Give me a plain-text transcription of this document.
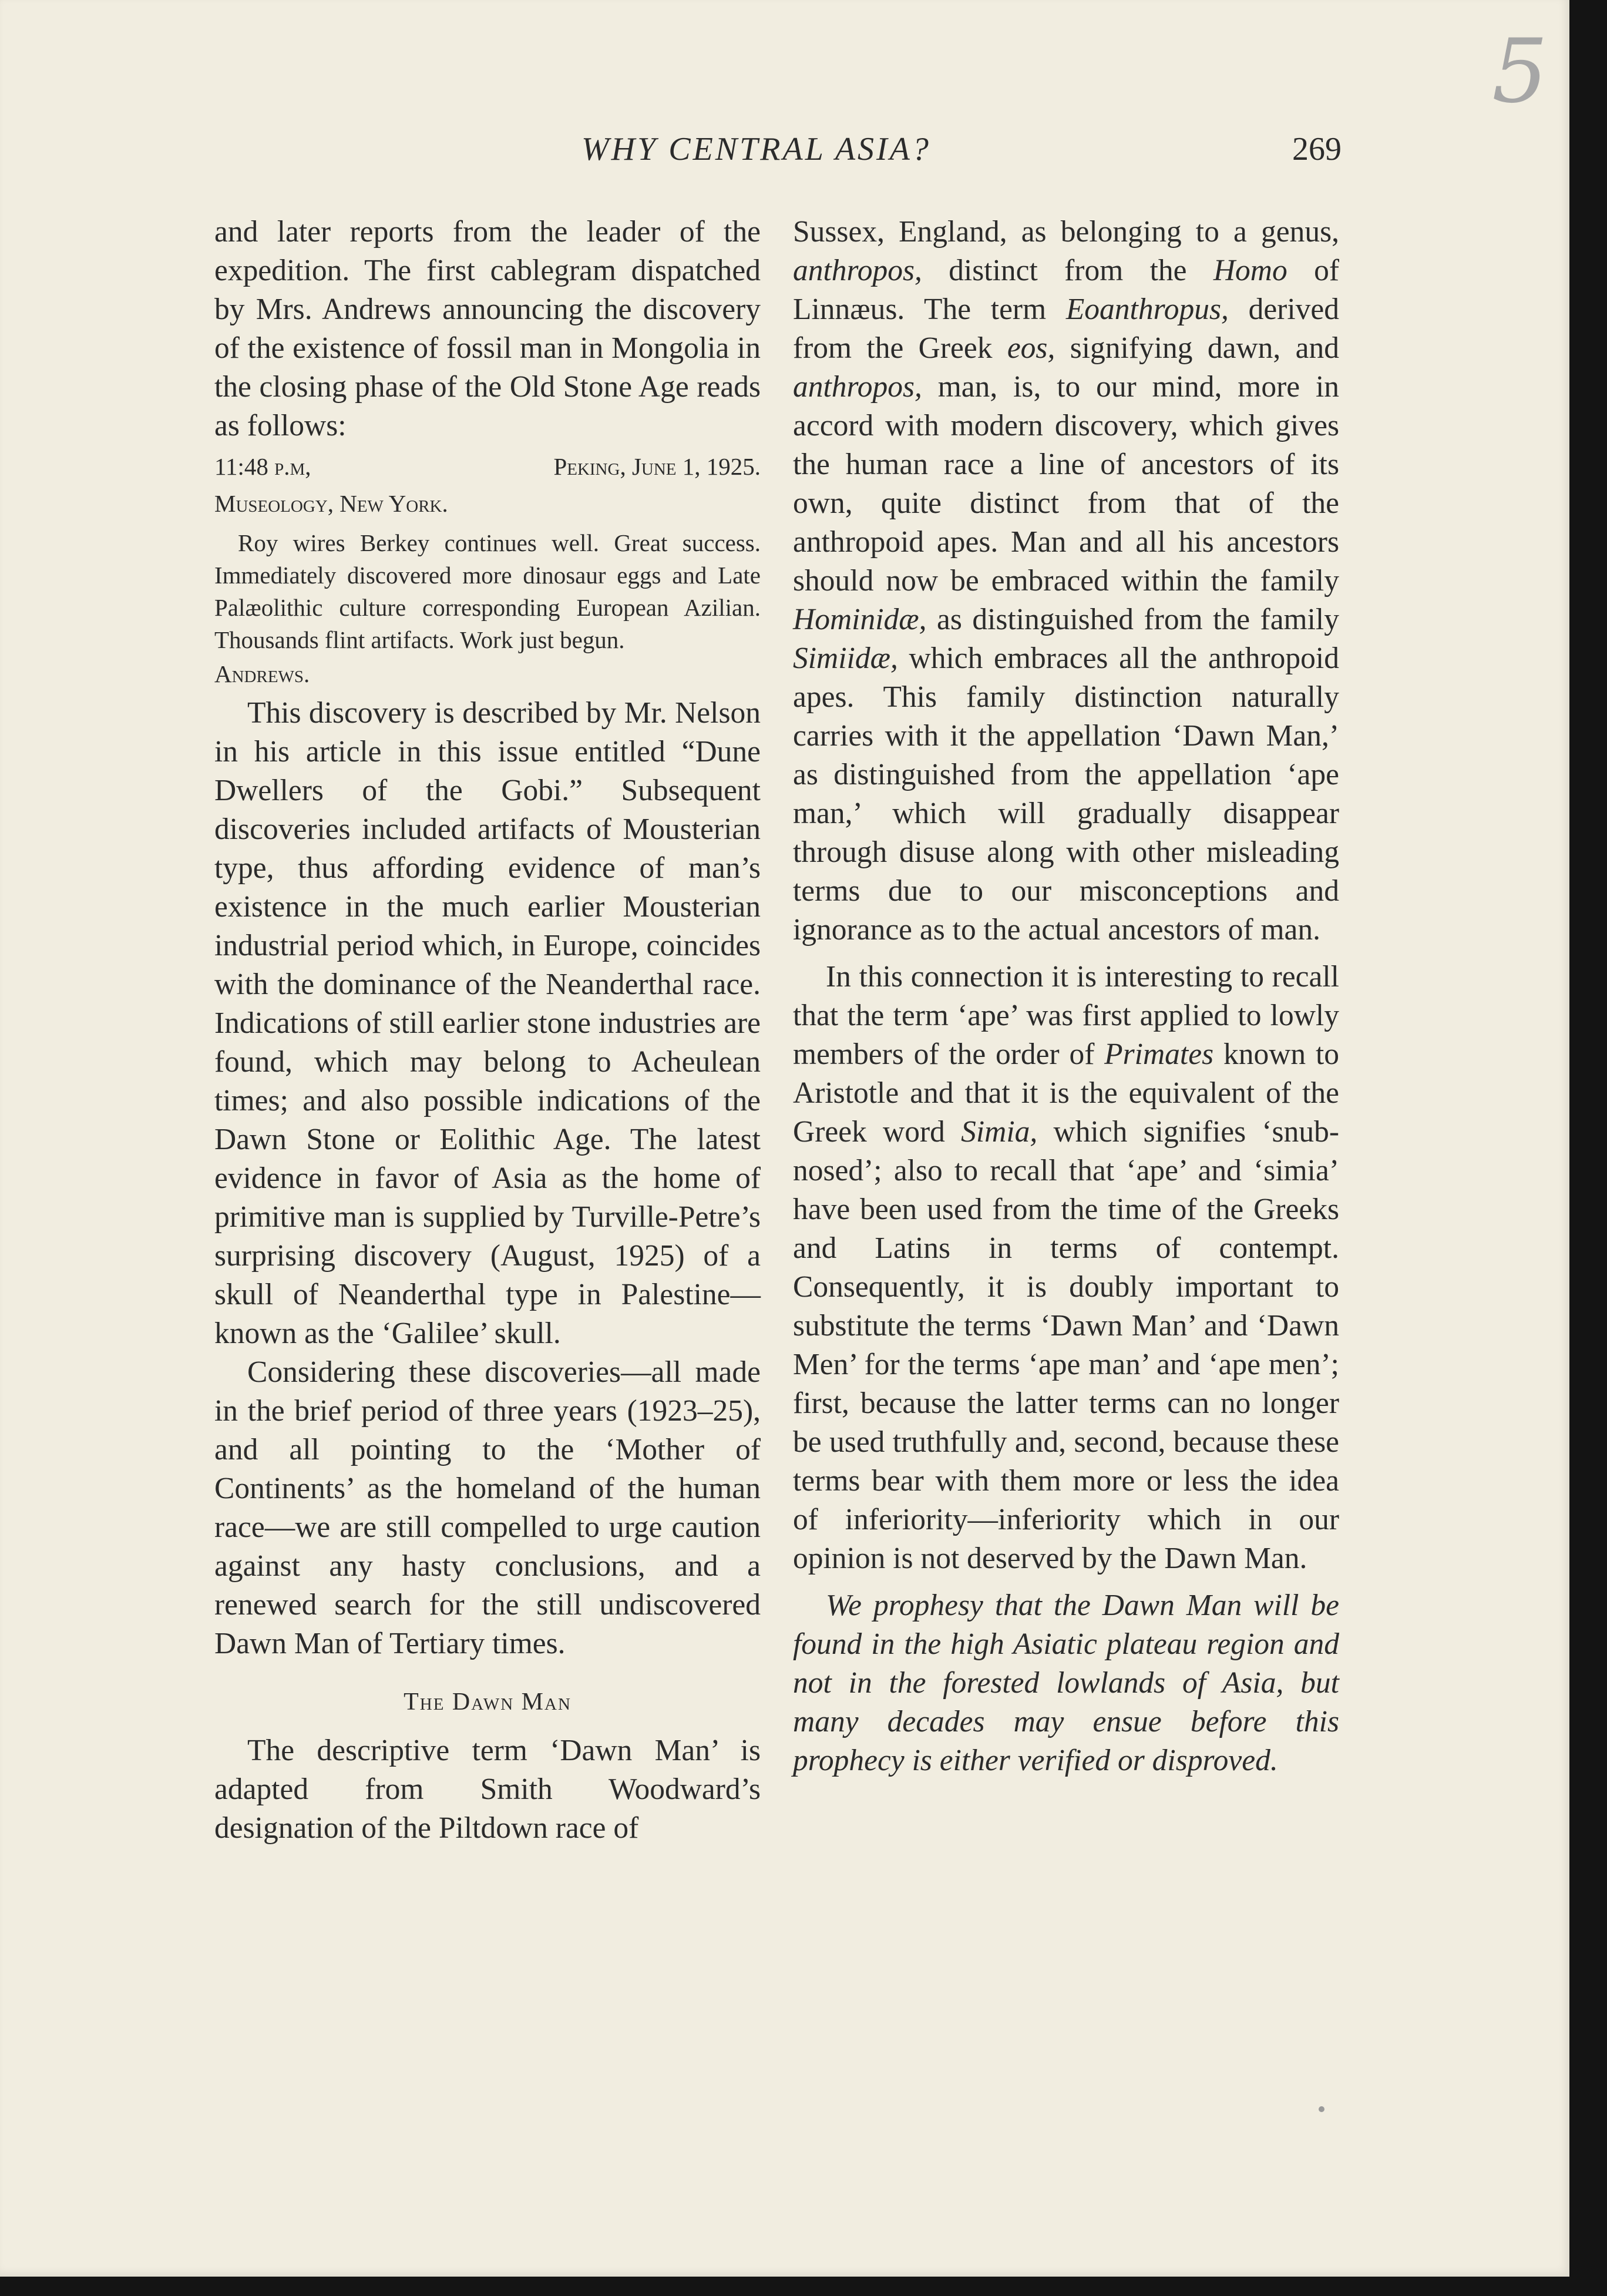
5
WHY CENTRAL ASIA?	269

and later reports from the leader of the expedition. The first cablegram dispatched by Mrs. Andrews announcing the discovery of the existence of fossil man in Mongolia in the closing phase of the Old Stone Age reads as follows:

11:48 p.m,	Peking, June 1, 1925.

Museology, New York.

Roy wires Berkey continues well. Great success. Immediately discovered more dinosaur eggs and Late Palæolithic culture corresponding European Azilian. Thousands flint artifacts. Work just begun.

Andrews.

This discovery is described by Mr. Nelson in his article in this issue entitled “Dune Dwellers of the Gobi.” Subsequent discoveries included artifacts of Mousterian type, thus affording evidence of man’s existence in the much earlier Mousterian industrial period which, in Europe, coincides with the dominance of the Neanderthal race. Indications of still earlier stone industries are found, which may belong to Acheulean times; and also possible indications of the Dawn Stone or Eolithic Age. The latest evidence in favor of Asia as the home of primitive man is supplied by Turville-Petre’s surprising discovery (August, 1925) of a skull of Neanderthal type in Palestine—known as the ‘Galilee’ skull.

Considering these discoveries—all made in the brief period of three years (1923–25), and all pointing to the ‘Mother of Continents’ as the homeland of the human race—we are still compelled to urge caution against any hasty conclusions, and a renewed search for the still undiscovered Dawn Man of Tertiary times.

The Dawn Man

The descriptive term ‘Dawn Man’ is adapted from Smith Woodward’s designation of the Piltdown race of

Sussex, England, as belonging to a genus, anthropos, distinct from the Homo of Linnæus. The term Eoanthropus, derived from the Greek eos, signifying dawn, and anthropos, man, is, to our mind, more in accord with modern discovery, which gives the human race a line of ancestors of its own, quite distinct from that of the anthropoid apes. Man and all his ancestors should now be embraced within the family Hominidæ, as distinguished from the family Simiidæ, which embraces all the anthropoid apes. This family distinction naturally carries with it the appellation ‘Dawn Man,’ as distinguished from the appellation ‘ape man,’ which will gradually disappear through disuse along with other misleading terms due to our misconceptions and ignorance as to the actual ancestors of man.

In this connection it is interesting to recall that the term ‘ape’ was first applied to lowly members of the order of Primates known to Aristotle and that it is the equivalent of the Greek word Simia, which signifies ‘snub-nosed’; also to recall that ‘ape’ and ‘simia’ have been used from the time of the Greeks and Latins in terms of contempt. Consequently, it is doubly important to substitute the terms ‘Dawn Man’ and ‘Dawn Men’ for the terms ‘ape man’ and ‘ape men’; first, because the latter terms can no longer be used truthfully and, second, because these terms bear with them more or less the idea of inferiority—inferiority which in our opinion is not deserved by the Dawn Man.

We prophesy that the Dawn Man will be found in the high Asiatic plateau region and not in the forested lowlands of Asia, but many decades may ensue before this prophecy is either verified or disproved.
